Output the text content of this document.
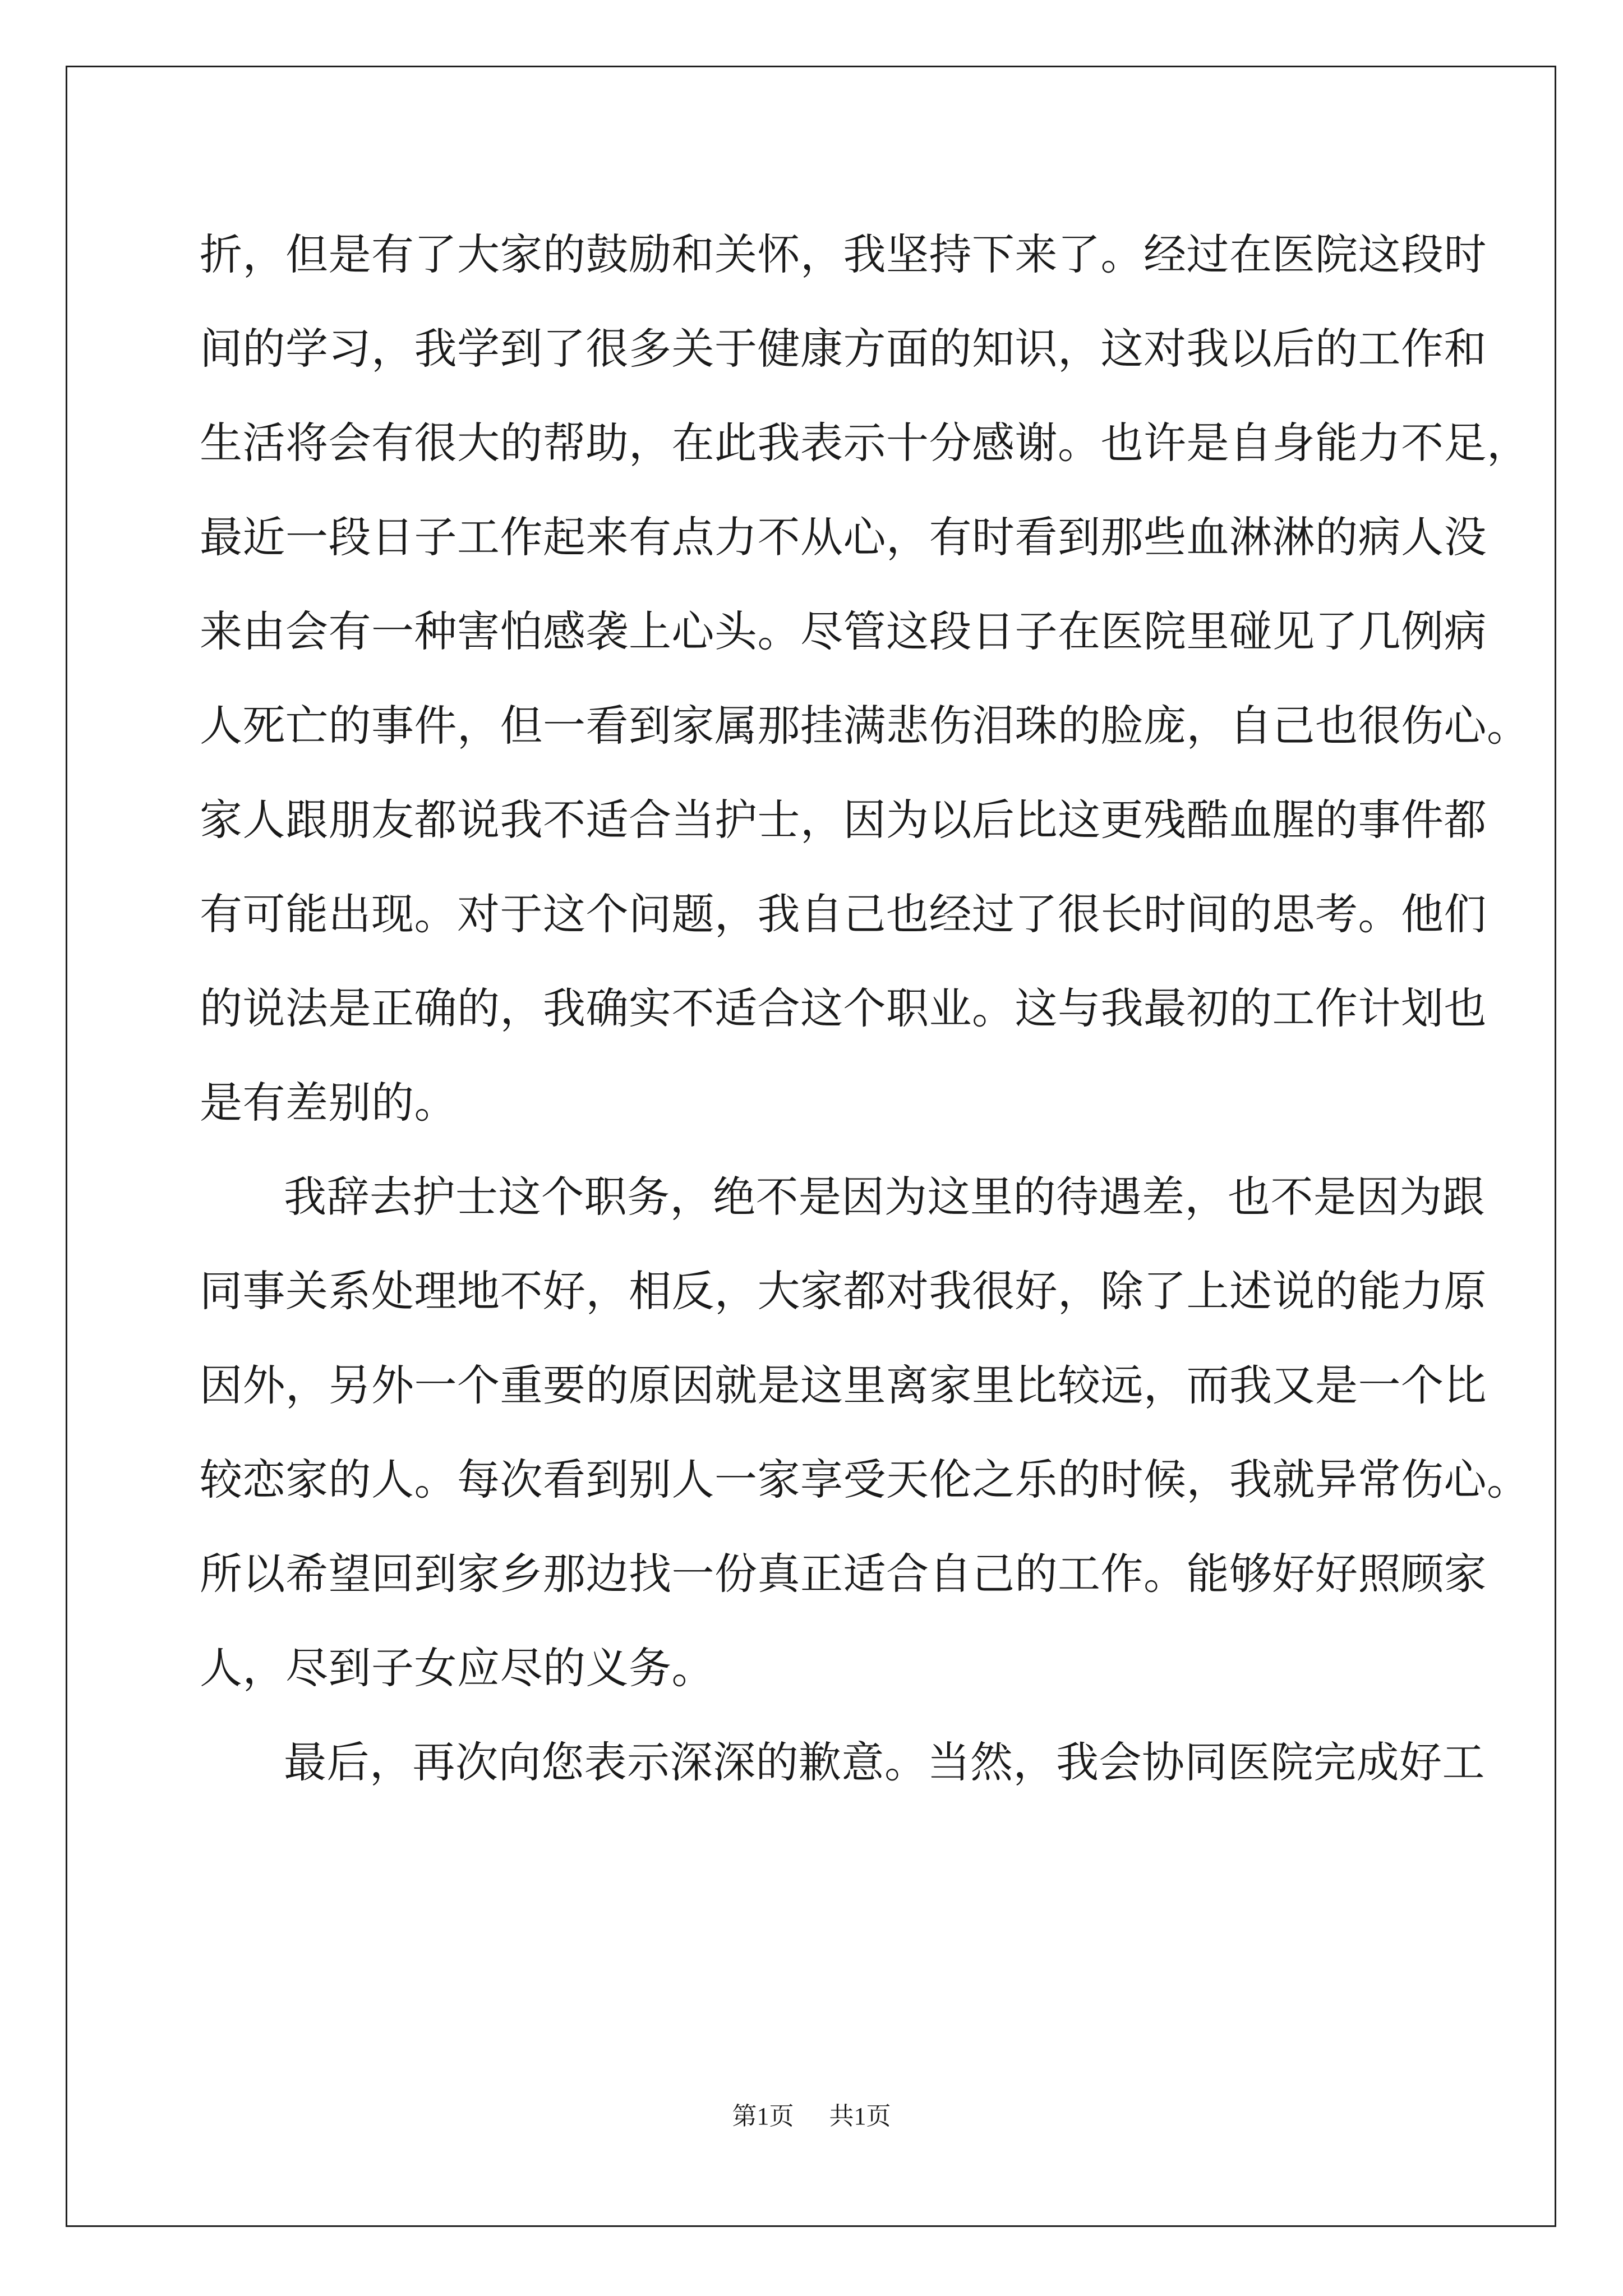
折，但是有了大家的鼓励和关怀，我坚持下来了。经过在医院这段时
间的学习，我学到了很多关于健康方面的知识，这对我以后的工作和
生活将会有很大的帮助，在此我表示十分感谢。也许是自身能力不足，
最近一段日子工作起来有点力不从心，有时看到那些血淋淋的病人没
来由会有一种害怕感袭上心头。尽管这段日子在医院里碰见了几例病
人死亡的事件，但一看到家属那挂满悲伤泪珠的脸庞，自己也很伤心。
家人跟朋友都说我不适合当护士，因为以后比这更残酷血腥的事件都
有可能出现。对于这个问题，我自己也经过了很长时间的思考。他们
的说法是正确的，我确实不适合这个职业。这与我最初的工作计划也
是有差别的。
我辞去护士这个职务，绝不是因为这里的待遇差，也不是因为跟
同事关系处理地不好，相反，大家都对我很好，除了上述说的能力原
因外，另外一个重要的原因就是这里离家里比较远，而我又是一个比
较恋家的人。每次看到别人一家享受天伦之乐的时候，我就异常伤心。
所以希望回到家乡那边找一份真正适合自己的工作。能够好好照顾家
人，尽到子女应尽的义务。
最后，再次向您表示深深的歉意。当然，我会协同医院完成好工
第1页 共1页
